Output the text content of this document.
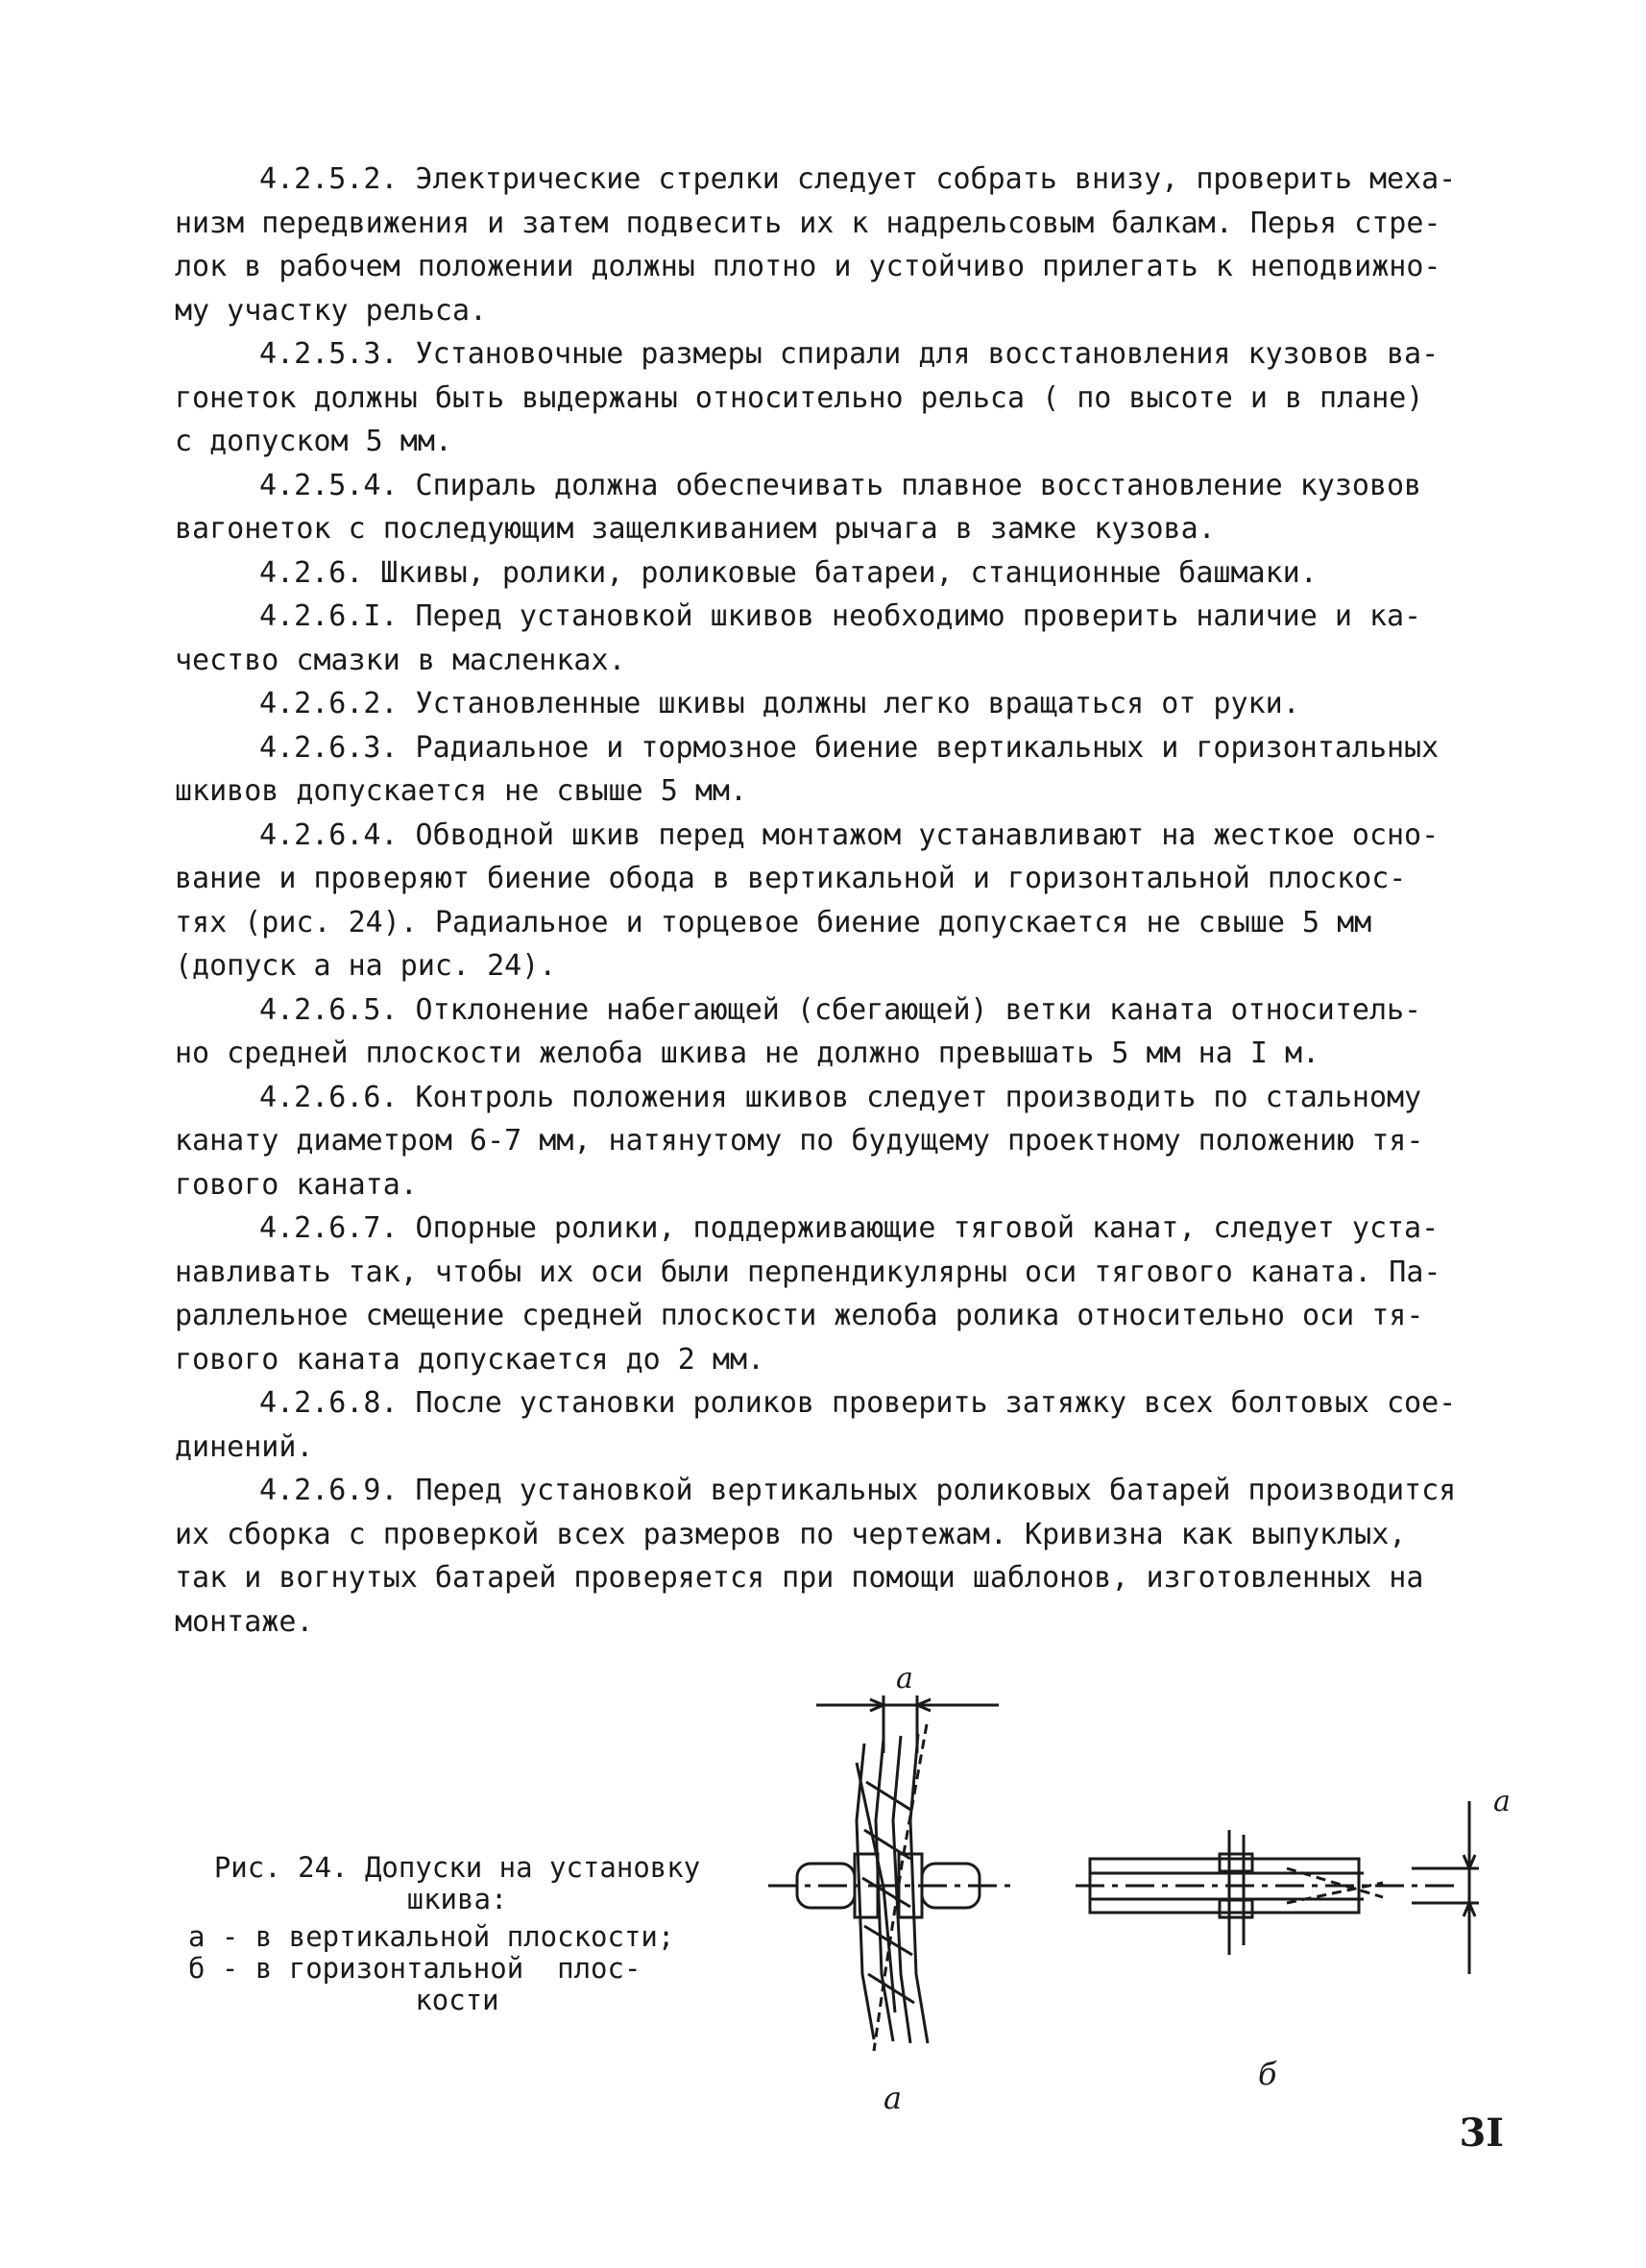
4.2.5.2. Электрические стрелки следует собрать внизу, проверить меха-
низм передвижения и затем подвесить их к надрельсовым балкам. Перья стре-
лок в рабочем положении должны плотно и устойчиво прилегать к неподвижно-
му участку рельса.

4.2.5.3. Установочные размеры спирали для восстановления кузовов ва-
гонеток должны быть выдержаны относительно рельса ( по высоте и в плане)
с допуском 5 мм.

4.2.5.4. Спираль должна обеспечивать плавное восстановление кузовов
вагонеток с последующим защелкиванием рычага в замке кузова.

4.2.6. Шкивы, ролики, роликовые батареи, станционные башмаки.

4.2.6.I. Перед установкой шкивов необходимо проверить наличие и ка-
чество смазки в масленках.

4.2.6.2. Установленные шкивы должны легко вращаться от руки.

4.2.6.3. Радиальное и тормозное биение вертикальных и горизонтальных
шкивов допускается не свыше 5 мм.

4.2.6.4. Обводной шкив перед монтажом устанавливают на жесткое осно-
вание и проверяют биение обода в вертикальной и горизонтальной плоскос-
тях (рис. 24). Радиальное и торцевое биение допускается не свыше 5 мм
(допуск а на рис. 24).

4.2.6.5. Отклонение набегающей (сбегающей) ветки каната относитель-
но средней плоскости желоба шкива не должно превышать 5 мм на I м.

4.2.6.6. Контроль положения шкивов следует производить по стальному
канату диаметром 6-7 мм, натянутому по будущему проектному положению тя-
гового каната.

4.2.6.7. Опорные ролики, поддерживающие тяговой канат, следует уста-
навливать так, чтобы их оси были перпендикулярны оси тягового каната. Па-
раллельное смещение средней плоскости желоба ролика относительно оси тя-
гового каната допускается до 2 мм.

4.2.6.8. После установки роликов проверить затяжку всех болтовых сое-
динений.

4.2.6.9. Перед установкой вертикальных роликовых батарей производится
их сборка с проверкой всех размеров по чертежам. Кривизна как выпуклых,
так и вогнутых батарей проверяется при помощи шаблонов, изготовленных на
монтаже.

Рис. 24. Допуски на установку
шкива:
а - в вертикальной плоскости;
б - в горизонтальной  плос-
кости
a
a
а
б
3I
